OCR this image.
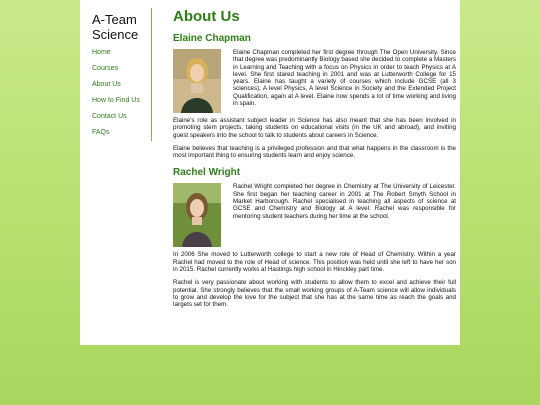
A-Team
Science
Home
Courses
About Us
How to Find Us
Contact Us
FAQs
About Us
Elaine Chapman

Elaine Chapman completed her first degree through The Open University. Since that degree was predominantly Biology based she decided to complete a Masters in Learning and Teaching with a focus on Physics in order to teach Physics at A level. She first stared teaching in 2001 and was at Lutterworth College for 15 years. Elaine has taught a variety of courses which include GCSE (all 3 sciences), A level Physics, A level Science in Society and the Extended Project Qualification, again at A level. Elaine now spends a lot of time working and living in spain.

Elaine's role as assistant subject leader in Science has also meant that she has been involved in promoting stem projects, taking students on educational visits (in the UK and abroad), and inviting guest speakers into the school to talk to students about careers in Science.

Elaine believes that teaching is a privileged profession and that what happens in the classroom is the most important thing to ensuring students learn and enjoy science.

Rachel Wright

Rachel Wright completed her degree in Chemistry at The University of Leicester. She first began her teaching career in 2001 at The Robert Smyth School in Market Harborough. Rachel specialised in teaching all aspects of science at GCSE and Chemistry and Biology at A level. Rachel was responsible for mentoring student teachers during her time at the school.

In 2006 She moved to Lutterworth college to start a new role of Head of Chemistry. Within a year Rachel had moved to the role of Head of science. This position was held until she left to have her son in 2015. Rachel currently works at Hastings high school in Hinckley part time.

Rachel is very passionate about working with students to allow them to excel and achieve their full potential. She strongly believes that the small working groups of A-Team science will allow individuals to grow and develop the love for the subject that she has at the same time as reach the goals and targets set for them.
